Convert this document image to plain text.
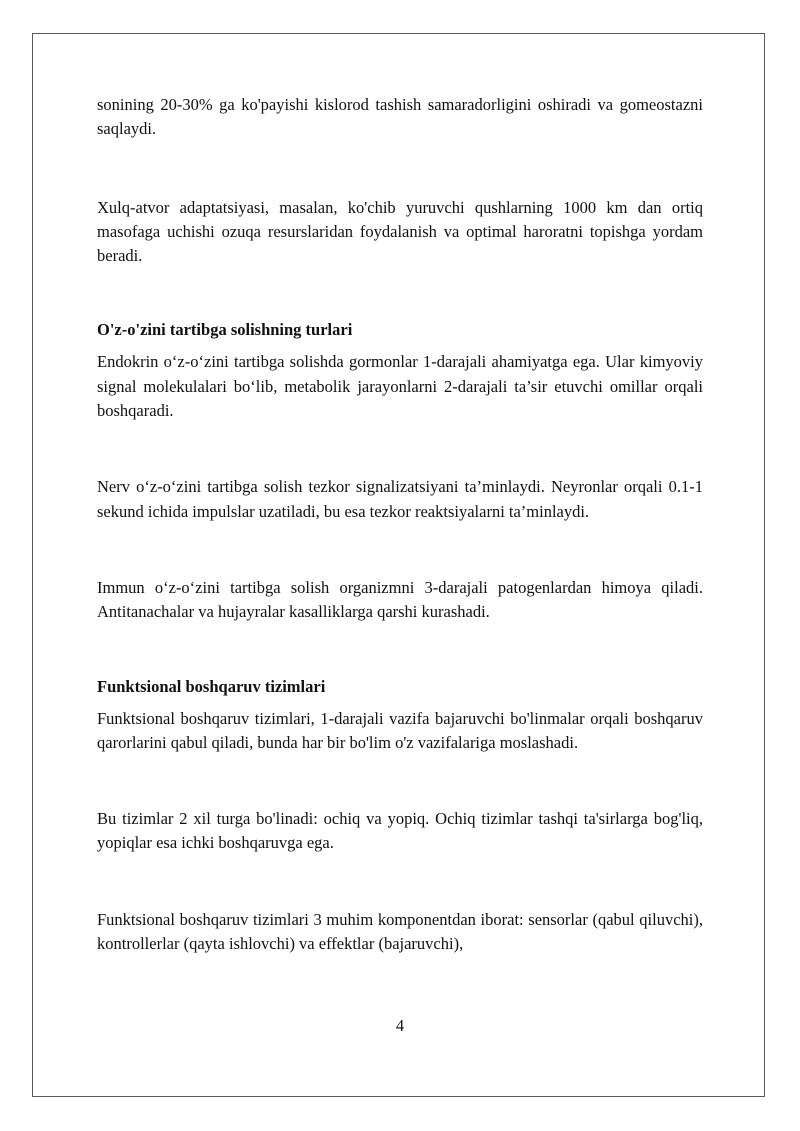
sonining 20-30% ga ko'payishi kislorod tashish samaradorligini oshiradi va gomeostazni saqlaydi.

Xulq-atvor adaptatsiyasi, masalan, ko'chib yuruvchi qushlarning 1000 km dan ortiq masofaga uchishi ozuqa resurslaridan foydalanish va optimal haroratni topishga yordam beradi.

O'z-o'zini tartibga solishning turlari

Endokrin o‘z-o‘zini tartibga solishda gormonlar 1-darajali ahamiyatga ega. Ular kimyoviy signal molekulalari bo‘lib, metabolik jarayonlarni 2-darajali ta’sir etuvchi omillar orqali boshqaradi.

Nerv o‘z-o‘zini tartibga solish tezkor signalizatsiyani ta’minlaydi. Neyronlar orqali 0.1-1 sekund ichida impulslar uzatiladi, bu esa tezkor reaktsiyalarni ta’minlaydi.

Immun o‘z-o‘zini tartibga solish organizmni 3-darajali patogenlardan himoya qiladi. Antitanachalar va hujayralar kasalliklarga qarshi kurashadi.

Funktsional boshqaruv tizimlari

Funktsional boshqaruv tizimlari, 1-darajali vazifa bajaruvchi bo'linmalar orqali boshqaruv qarorlarini qabul qiladi, bunda har bir bo'lim o'z vazifalariga moslashadi.

Bu tizimlar 2 xil turga bo'linadi: ochiq va yopiq. Ochiq tizimlar tashqi ta'sirlarga bog'liq, yopiqlar esa ichki boshqaruvga ega.

Funktsional boshqaruv tizimlari 3 muhim komponentdan iborat: sensorlar (qabul qiluvchi), kontrollerlar (qayta ishlovchi) va effektlar (bajaruvchi),

4
